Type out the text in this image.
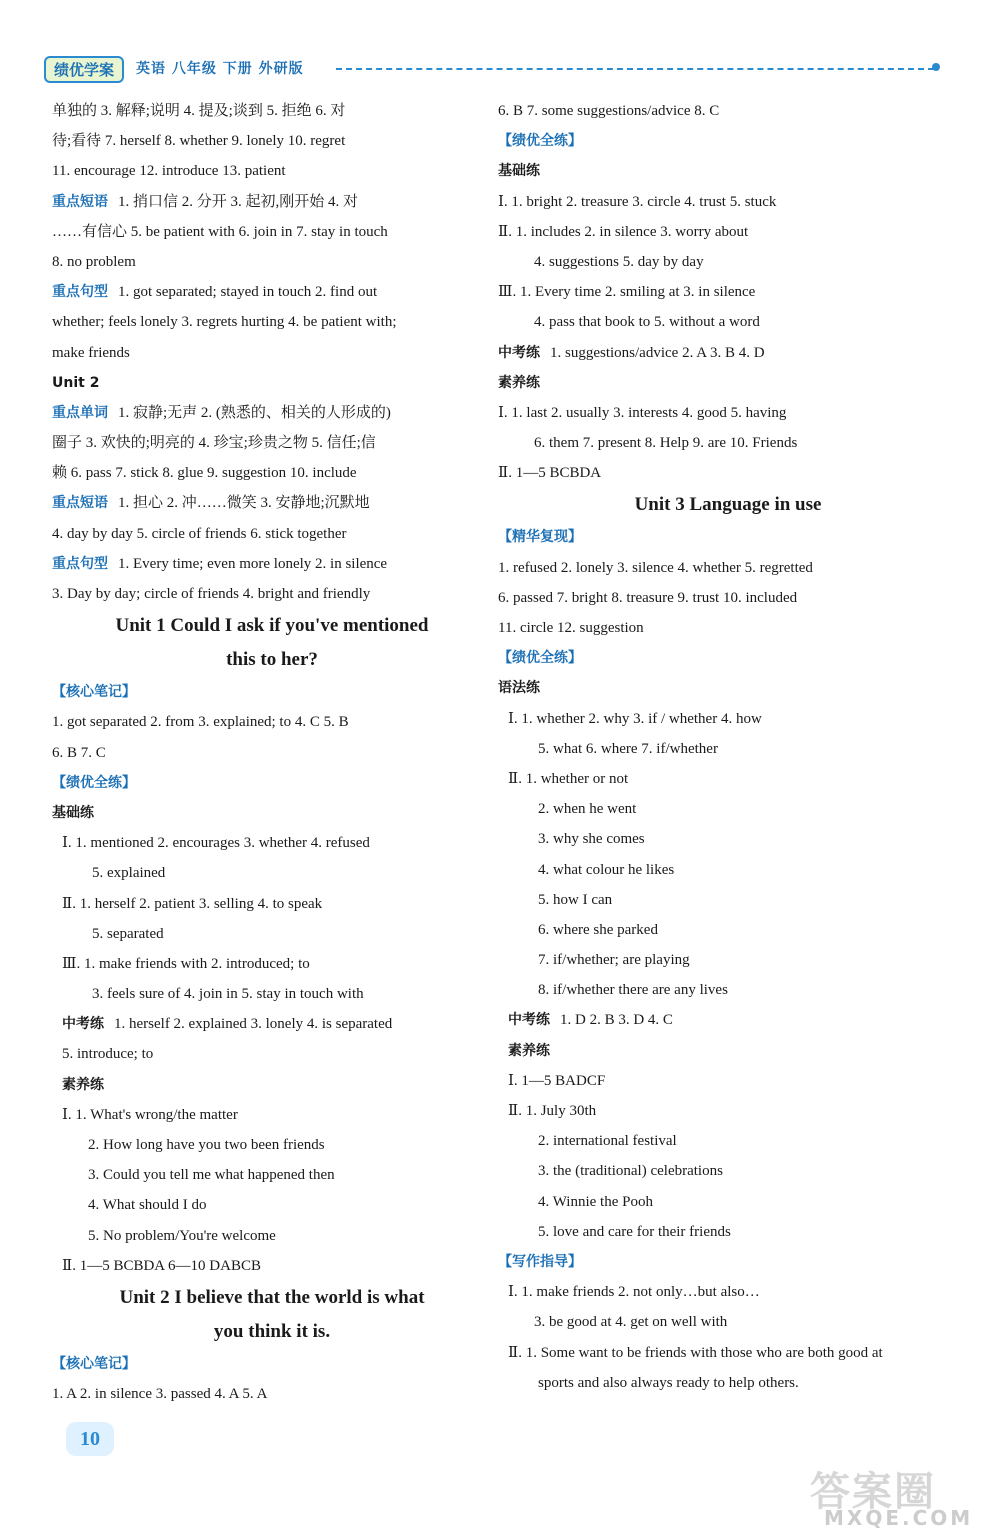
绩优学案	英语 八年级 下册 外研版
单独的 3. 解释;说明 4. 提及;谈到 5. 拒绝 6. 对
待;看待 7. herself 8. whether 9. lonely 10. regret
11. encourage 12. introduce 13. patient
重点短语 1. 捎口信 2. 分开 3. 起初,刚开始 4. 对
……有信心 5. be patient with 6. join in 7. stay in touch
8. no problem
重点句型 1. got separated; stayed in touch 2. find out
whether; feels lonely 3. regrets hurting 4. be patient with;
make friends
Unit 2
重点单词 1. 寂静;无声 2. (熟悉的、相关的人形成的)
圈子 3. 欢快的;明亮的 4. 珍宝;珍贵之物 5. 信任;信
赖 6. pass 7. stick 8. glue 9. suggestion 10. include
重点短语 1. 担心 2. 冲……微笑 3. 安静地;沉默地
4. day by day 5. circle of friends 6. stick together
重点句型 1. Every time; even more lonely 2. in silence
3. Day by day; circle of friends 4. bright and friendly
Unit 1 Could I ask if you've mentioned
this to her?
【核心笔记】
1. got separated 2. from 3. explained; to 4. C 5. B
6. B 7. C
【绩优全练】
基础练
Ⅰ. 1. mentioned 2. encourages 3. whether 4. refused
5. explained
Ⅱ. 1. herself 2. patient 3. selling 4. to speak
5. separated
Ⅲ. 1. make friends with 2. introduced; to
3. feels sure of 4. join in 5. stay in touch with
中考练 1. herself 2. explained 3. lonely 4. is separated
5. introduce; to
素养练
Ⅰ. 1. What's wrong/the matter
2. How long have you two been friends
3. Could you tell me what happened then
4. What should I do
5. No problem/You're welcome
Ⅱ. 1—5 BCBDA 6—10 DABCB
Unit 2 I believe that the world is what
you think it is.
【核心笔记】
1. A 2. in silence 3. passed 4. A 5. A
6. B 7. some suggestions/advice 8. C
【绩优全练】
基础练
Ⅰ. 1. bright 2. treasure 3. circle 4. trust 5. stuck
Ⅱ. 1. includes 2. in silence 3. worry about
4. suggestions 5. day by day
Ⅲ. 1. Every time 2. smiling at 3. in silence
4. pass that book to 5. without a word
中考练 1. suggestions/advice 2. A 3. B 4. D
素养练
Ⅰ. 1. last 2. usually 3. interests 4. good 5. having
6. them 7. present 8. Help 9. are 10. Friends
Ⅱ. 1—5 BCBDA
Unit 3 Language in use
【精华复现】
1. refused 2. lonely 3. silence 4. whether 5. regretted
6. passed 7. bright 8. treasure 9. trust 10. included
11. circle 12. suggestion
【绩优全练】
语法练
Ⅰ. 1. whether 2. why 3. if / whether 4. how
5. what 6. where 7. if/whether
Ⅱ. 1. whether or not
2. when he went
3. why she comes
4. what colour he likes
5. how I can
6. where she parked
7. if/whether; are playing
8. if/whether there are any lives
中考练 1. D 2. B 3. D 4. C
素养练
Ⅰ. 1—5 BADCF
Ⅱ. 1. July 30th
2. international festival
3. the (traditional) celebrations
4. Winnie the Pooh
5. love and care for their friends
【写作指导】
Ⅰ. 1. make friends 2. not only…but also…
3. be good at 4. get on well with
Ⅱ. 1. Some want to be friends with those who are both good at
sports and also always ready to help others.
10
答案圈
MXQE.COM
